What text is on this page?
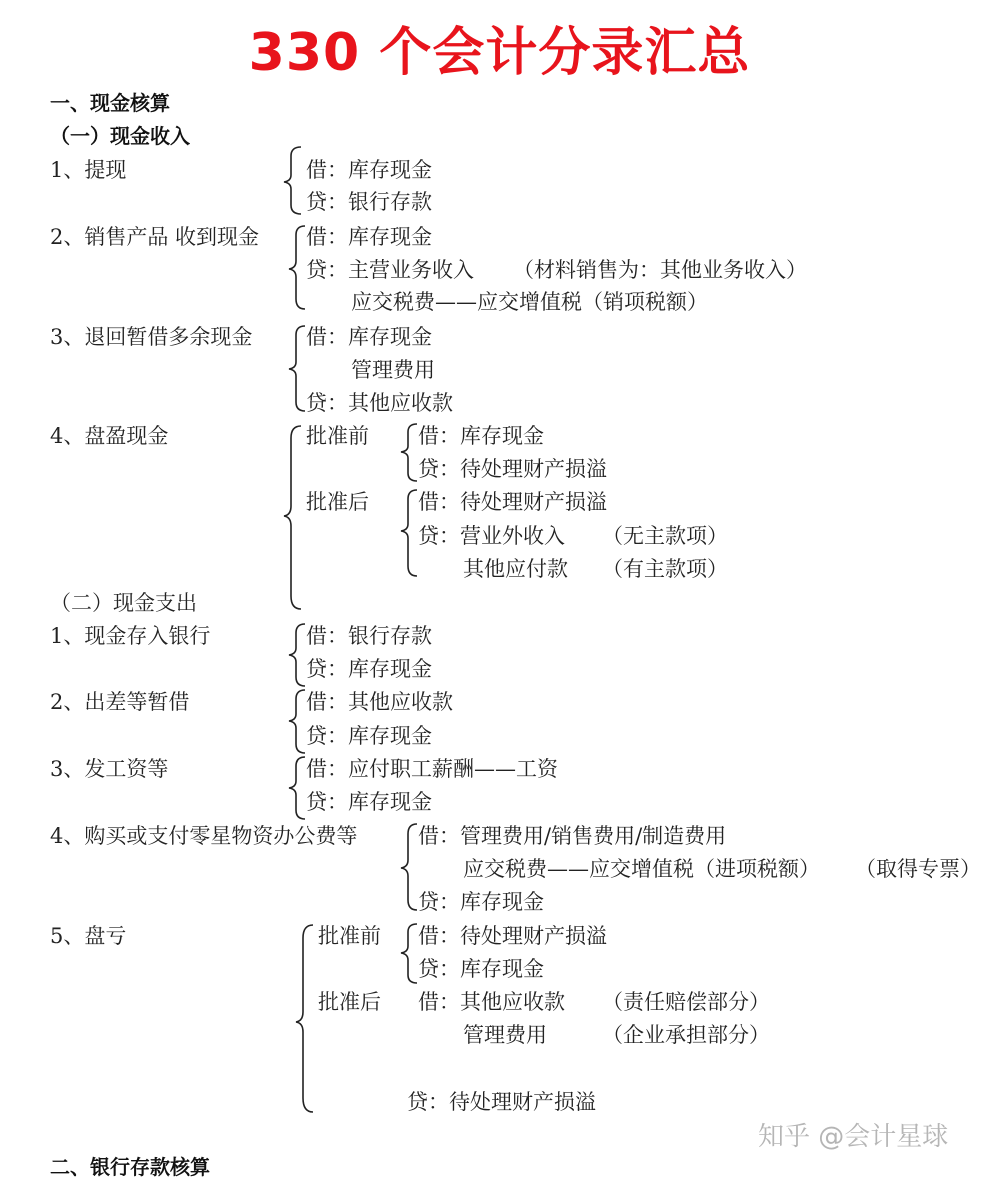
330 个会计分录汇总
一、现金核算
（一）现金收入
1、提现	借：库存现金
贷：银行存款
2、销售产品 收到现金 借：库存现金
贷：主营业务收入 （材料销售为：其他业务收入）
应交税费——应交增值税（销项税额）
3、退回暂借多余现金	借：库存现金
管理费用
贷：其他应收款
4、盘盈现金	批准前 借：库存现金
贷：待处理财产损溢
批准后 借：待处理财产损溢
贷：营业外收入 （无主款项）
其他应付款 （有主款项）
（二）现金支出
1、现金存入银行	借：银行存款
贷：库存现金
2、出差等暂借	借：其他应收款
贷：库存现金
3、发工资等	借：应付职工薪酬——工资
贷：库存现金
4、购买或支付零星物资办公费等	借：管理费用/销售费用/制造费用
应交税费——应交增值税（进项税额） （取得专票）
贷：库存现金
5、盘亏	批准前 借：待处理财产损溢
贷：库存现金
批准后 借：其他应收款 （责任赔偿部分）
管理费用	（企业承担部分）
贷：待处理财产损溢
二、银行存款核算
知乎 @会计星球
